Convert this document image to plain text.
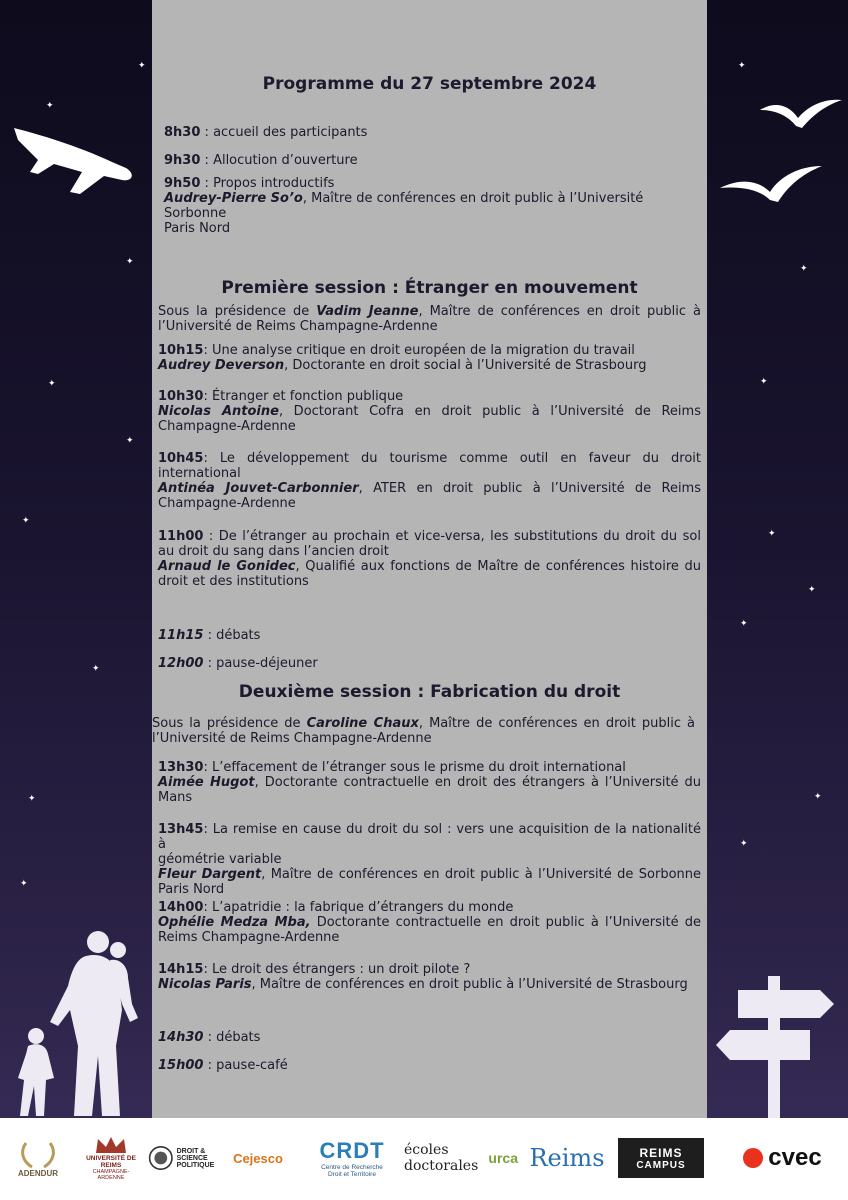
✦
✦	✦
✦
✦
✦
✦
✦
✦
✦
✦
✦
✦
✦	✦
✦
✦
Programme du 27 septembre 2024
8h30 : accueil des participants
9h30 : Allocution d’ouverture
9h50 : Propos introductifs
Audrey-Pierre So’o, Maître de conférences en droit public à l’Université Sorbonne
Paris Nord
Première session : Étranger en mouvement
Sous la présidence de Vadim Jeanne, Maître de conférences en droit public à
l’Université de Reims Champagne-Ardenne
10h15: Une analyse critique en droit européen de la migration du travail
Audrey Deverson, Doctorante en droit social à l’Université de Strasbourg
10h30: Étranger et fonction publique
Nicolas Antoine, Doctorant Cofra en droit public à l’Université de Reims
Champagne-Ardenne
10h45: Le développement du tourisme comme outil en faveur du droit
international
Antinéa Jouvet-Carbonnier, ATER en droit public à l’Université de Reims
Champagne-Ardenne
11h00 : De l’étranger au prochain et vice-versa, les substitutions du droit du sol
au droit du sang dans l’ancien droit
Arnaud le Gonidec, Qualifié aux fonctions de Maître de conférences histoire du
droit et des institutions
11h15 : débats
12h00 : pause-déjeuner
Deuxième session : Fabrication du droit
Sous la présidence de Caroline Chaux, Maître de conférences en droit public à
l’Université de Reims Champagne-Ardenne
13h30: L’effacement de l’étranger sous le prisme du droit international
Aimée Hugot, Doctorante contractuelle en droit des étrangers à l’Université du
Mans
13h45: La remise en cause du droit du sol : vers une acquisition de la nationalité à
géométrie variable
Fleur Dargent, Maître de conférences en droit public à l’Université de Sorbonne
Paris Nord
14h00: L’apatridie : la fabrique d’étrangers du monde
Ophélie Medza Mba, Doctorante contractuelle en droit public à l’Université de
Reims Champagne-Ardenne
14h15: Le droit des étrangers : un droit pilote ?
Nicolas Paris, Maître de conférences en droit public à l’Université de Strasbourg
14h30 : débats
15h00 : pause-café
ADENDUR
UNIVERSITÉ DE REIMS
CHAMPAGNE-ARDENNE
DROIT & SCIENCE
POLITIQUE	Cejesco CRDT
Centre de Recherche Droit et Territoire
écoles doctorales urca Reims	REIMS
CAMPUS	cvec
